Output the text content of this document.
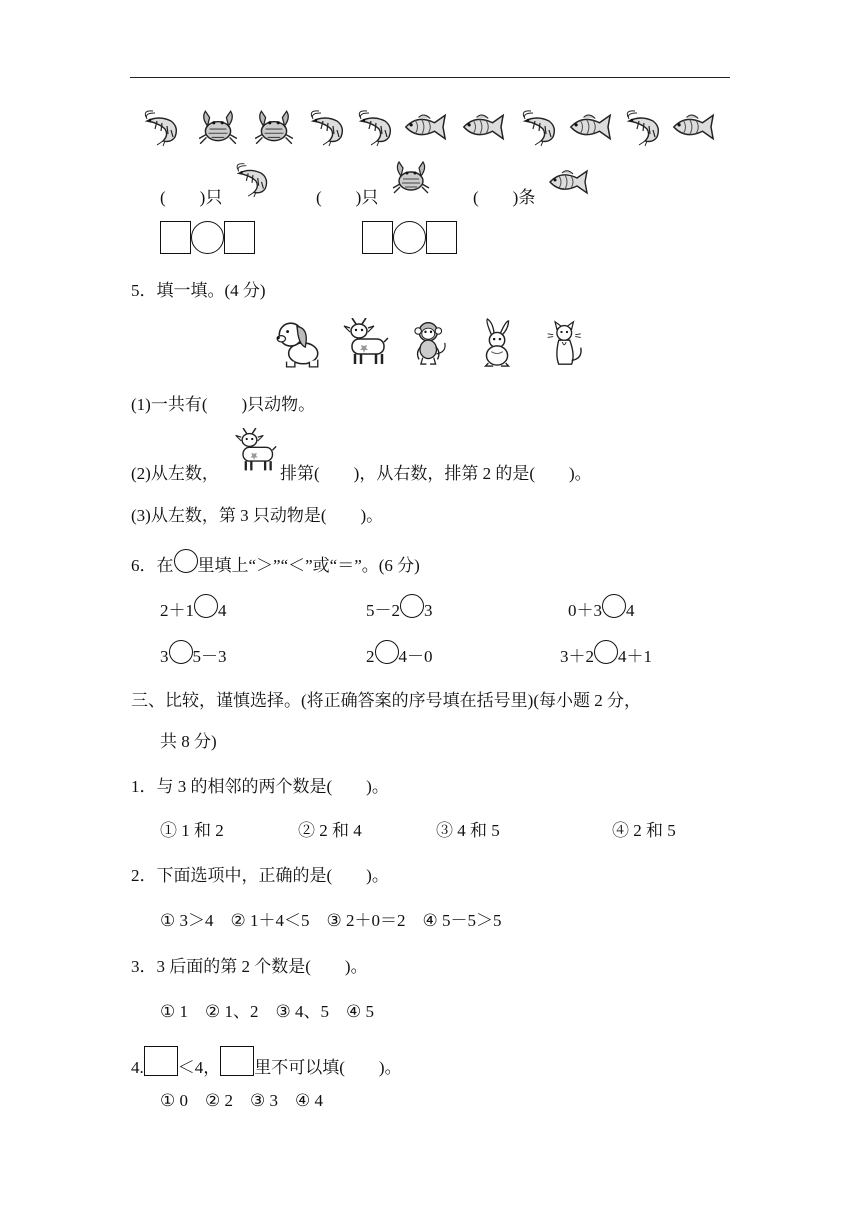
(　　)只	(　　)只	(　　)条
5．填一填。(4 分)
(1)一共有(　　)只动物。
(2)从左数，	排第(　　)，从右数，排第 2 的是(　　)。
(3)从左数，第 3 只动物是(　　)。
6．在 里填上“＞”“＜”或“＝”。(6 分)
2＋1 4	5－2 3	0＋3 4
3 5－3	2 4－0	3＋2 4＋1
三、比较，谨慎选择。(将正确答案的序号填在括号里)(每小题 2 分，
共 8 分)
1．与 3 的相邻的两个数是(　　)。
① 1 和 2	② 2 和 4	③ 4 和 5	④ 2 和 5
2．下面选项中，正确的是(　　)。
① 3＞4　② 1＋4＜5　③ 2＋0＝2　④ 5－5＞5
3．3 后面的第 2 个数是(　　)。
① 1　② 1、2　③ 4、5　④ 5
4. ＜4， 里不可以填(　　)。
① 0　② 2　③ 3　④ 4
